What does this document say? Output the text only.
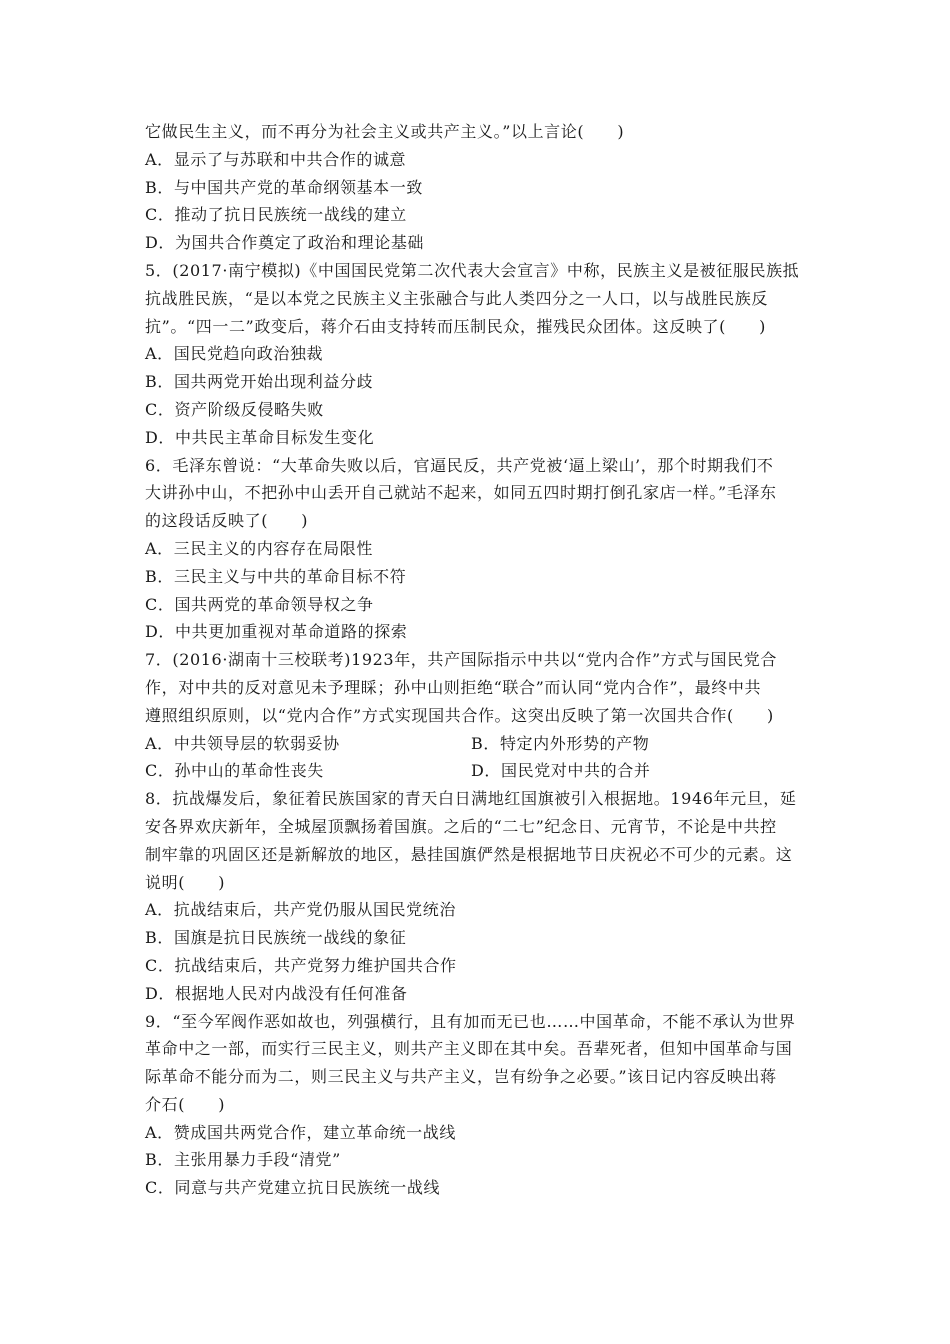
它做民生主义，而不再分为社会主义或共产主义。”以上言论(　　)
A．显示了与苏联和中共合作的诚意
B．与中国共产党的革命纲领基本一致
C．推动了抗日民族统一战线的建立
D．为国共合作奠定了政治和理论基础
5．(2017·南宁模拟)《中国国民党第二次代表大会宣言》中称，民族主义是被征服民族抵
抗战胜民族，“是以本党之民族主义主张融合与此人类四分之一人口，以与战胜民族反
抗”。“四一二”政变后，蒋介石由支持转而压制民众，摧残民众团体。这反映了(　　)
A．国民党趋向政治独裁
B．国共两党开始出现利益分歧
C．资产阶级反侵略失败
D．中共民主革命目标发生变化
6．毛泽东曾说：“大革命失败以后，官逼民反，共产党被‘逼上梁山’，那个时期我们不
大讲孙中山，不把孙中山丢开自己就站不起来，如同五四时期打倒孔家店一样。”毛泽东
的这段话反映了(　　)
A．三民主义的内容存在局限性
B．三民主义与中共的革命目标不符
C．国共两党的革命领导权之争
D．中共更加重视对革命道路的探索
7．(2016·湖南十三校联考)1923年，共产国际指示中共以“党内合作”方式与国民党合
作，对中共的反对意见未予理睬；孙中山则拒绝“联合”而认同“党内合作”，最终中共
遵照组织原则，以“党内合作”方式实现国共合作。这突出反映了第一次国共合作(　　)
A．中共领导层的软弱妥协	B．特定内外形势的产物
C．孙中山的革命性丧失	D．国民党对中共的合并
8．抗战爆发后，象征着民族国家的青天白日满地红国旗被引入根据地。1946年元旦，延
安各界欢庆新年，全城屋顶飘扬着国旗。之后的“二七”纪念日、元宵节，不论是中共控
制牢靠的巩固区还是新解放的地区，悬挂国旗俨然是根据地节日庆祝必不可少的元素。这
说明(　　)
A．抗战结束后，共产党仍服从国民党统治
B．国旗是抗日民族统一战线的象征
C．抗战结束后，共产党努力维护国共合作
D．根据地人民对内战没有任何准备
9．“至今军阀作恶如故也，列强横行，且有加而无已也……中国革命，不能不承认为世界
革命中之一部，而实行三民主义，则共产主义即在其中矣。吾辈死者，但知中国革命与国
际革命不能分而为二，则三民主义与共产主义，岂有纷争之必要。”该日记内容反映出蒋
介石(　　)
A．赞成国共两党合作，建立革命统一战线
B．主张用暴力手段“清党”
C．同意与共产党建立抗日民族统一战线
